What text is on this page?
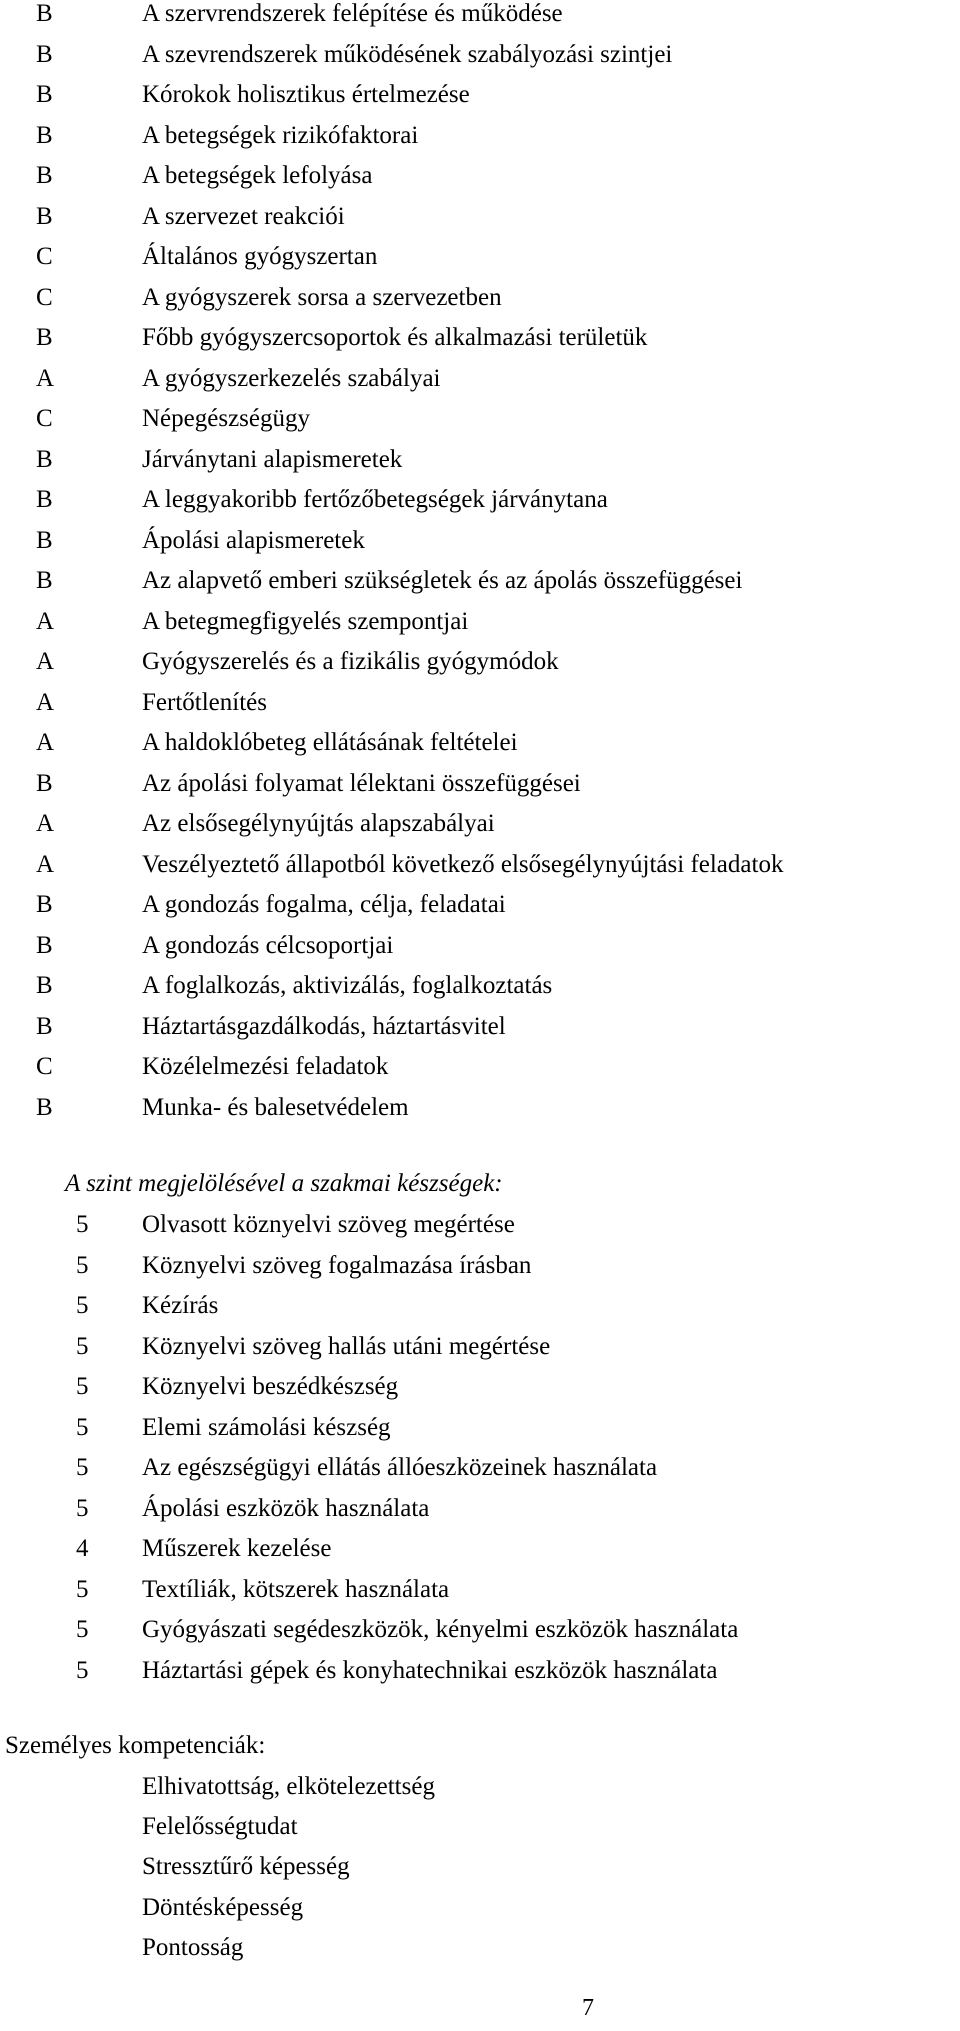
B	A szervrendszerek felépítése és működése
B	A szevrendszerek működésének szabályozási szintjei
B	Kórokok holisztikus értelmezése
B	A betegségek rizikófaktorai
B	A betegségek lefolyása
B	A szervezet reakciói
C	Általános gyógyszertan
C	A gyógyszerek sorsa a szervezetben
B	Főbb gyógyszercsoportok és alkalmazási területük
A	A gyógyszerkezelés szabályai
C	Népegészségügy
B	Járványtani alapismeretek
B	A leggyakoribb fertőzőbetegségek járványtana
B	Ápolási alapismeretek
B	Az alapvető emberi szükségletek és az ápolás összefüggései
A	A betegmegfigyelés szempontjai
A	Gyógyszerelés és a fizikális gyógymódok
A	Fertőtlenítés
A	A haldoklóbeteg ellátásának feltételei
B	Az ápolási folyamat lélektani összefüggései
A	Az elsősegélynyújtás alapszabályai
A	Veszélyeztető állapotból következő elsősegélynyújtási feladatok
B	A gondozás fogalma, célja, feladatai
B	A gondozás célcsoportjai
B	A foglalkozás, aktivizálás, foglalkoztatás
B	Háztartásgazdálkodás, háztartásvitel
C	Közélelmezési feladatok
B	Munka- és balesetvédelem
A szint megjelölésével a szakmai készségek:
5 Olvasott köznyelvi szöveg megértése
5 Köznyelvi szöveg fogalmazása írásban
5 Kézírás
5 Köznyelvi szöveg hallás utáni megértése
5 Köznyelvi beszédkészség
5 Elemi számolási készség
5 Az egészségügyi ellátás állóeszközeinek használata
5 Ápolási eszközök használata
4 Műszerek kezelése
5 Textíliák, kötszerek használata
5 Gyógyászati segédeszközök, kényelmi eszközök használata
5 Háztartási gépek és konyhatechnikai eszközök használata
Személyes kompetenciák:
Elhivatottság, elkötelezettség
Felelősségtudat
Stressztűrő képesség
Döntésképesség
Pontosság
7
